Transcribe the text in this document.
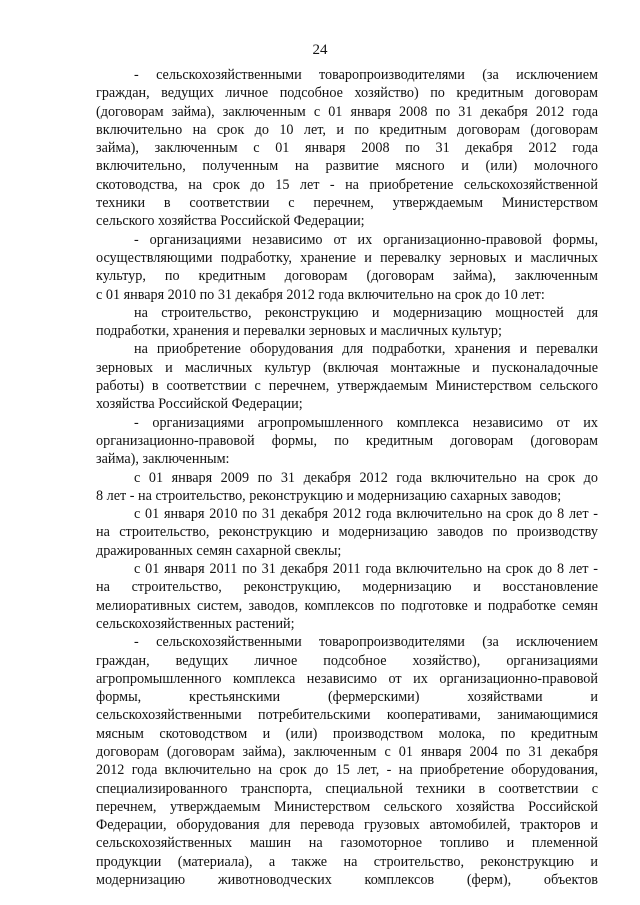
24
- сельскохозяйственными товаропроизводителями (за исключением
граждан, ведущих личное подсобное хозяйство) по кредитным договорам
(договорам займа), заключенным с 01 января 2008 по 31 декабря 2012 года
включительно на срок до 10 лет, и по кредитным договорам (договорам
займа), заключенным с 01 января 2008 по 31 декабря 2012 года
включительно, полученным на развитие мясного и (или) молочного
скотоводства, на срок до 15 лет - на приобретение сельскохозяйственной
техники в соответствии с перечнем, утверждаемым Министерством
сельского хозяйства Российской Федерации;
- организациями независимо от их организационно-правовой формы,
осуществляющими подработку, хранение и перевалку зерновых и масличных
культур, по кредитным договорам (договорам займа), заключенным
с 01 января 2010 по 31 декабря 2012 года включительно на срок до 10 лет:
на строительство, реконструкцию и модернизацию мощностей для
подработки, хранения и перевалки зерновых и масличных культур;
на приобретение оборудования для подработки, хранения и перевалки
зерновых и масличных культур (включая монтажные и пусконаладочные
работы) в соответствии с перечнем, утверждаемым Министерством сельского
хозяйства Российской Федерации;
- организациями агропромышленного комплекса независимо от их
организационно-правовой формы, по кредитным договорам (договорам
займа), заключенным:
с 01 января 2009 по 31 декабря 2012 года включительно на срок до
8 лет - на строительство, реконструкцию и модернизацию сахарных заводов;
с 01 января 2010 по 31 декабря 2012 года включительно на срок до 8 лет -
на строительство, реконструкцию и модернизацию заводов по производству
дражированных семян сахарной свеклы;
с 01 января 2011 по 31 декабря 2011 года включительно на срок до 8 лет -
на строительство, реконструкцию, модернизацию и восстановление
мелиоративных систем, заводов, комплексов по подготовке и подработке семян
сельскохозяйственных растений;
- сельскохозяйственными товаропроизводителями (за исключением
граждан, ведущих личное подсобное хозяйство), организациями
агропромышленного комплекса независимо от их организационно-правовой
формы, крестьянскими (фермерскими) хозяйствами и
сельскохозяйственными потребительскими кооперативами, занимающимися
мясным скотоводством и (или) производством молока, по кредитным
договорам (договорам займа), заключенным с 01 января 2004 по 31 декабря
2012 года включительно на срок до 15 лет, - на приобретение оборудования,
специализированного транспорта, специальной техники в соответствии с
перечнем, утверждаемым Министерством сельского хозяйства Российской
Федерации, оборудования для перевода грузовых автомобилей, тракторов и
сельскохозяйственных машин на газомоторное топливо и племенной
продукции (материала), а также на строительство, реконструкцию и
модернизацию животноводческих комплексов (ферм), объектов
